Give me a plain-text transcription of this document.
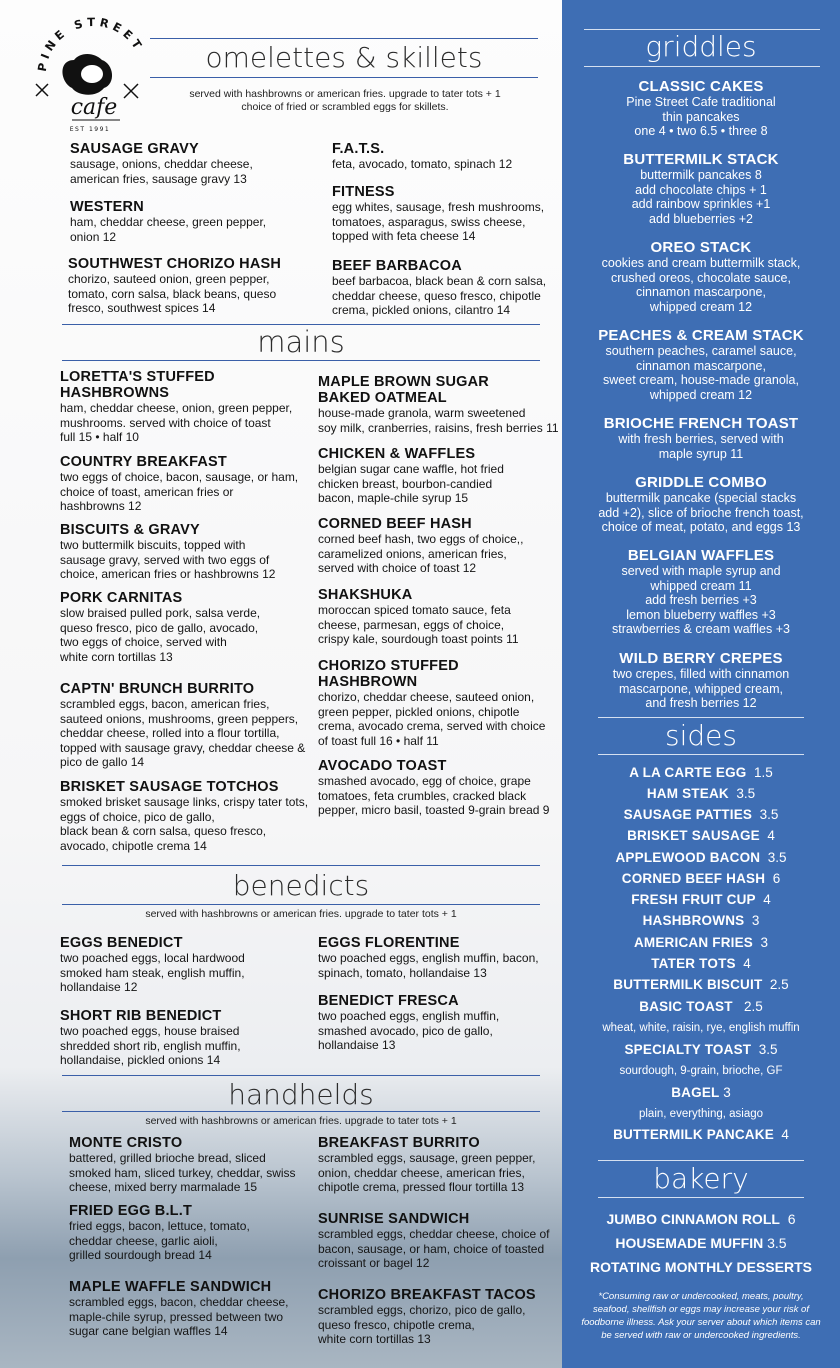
PINE STREET
cafe
EST 1991
omelettes & skillets
served with hashbrowns or american fries. upgrade to tater tots + 1
choice of fried or scrambled eggs for skillets.
SAUSAGE GRAVY
sausage, onions, cheddar cheese,
american fries, sausage gravy 13
WESTERN
ham, cheddar cheese, green pepper,
onion 12
SOUTHWEST CHORIZO HASH
chorizo, sauteed onion, green pepper,
tomato, corn salsa, black beans, queso
fresco, southwest spices 14
F.A.T.S.
feta, avocado, tomato, spinach 12
FITNESS
egg whites, sausage, fresh mushrooms,
tomatoes, asparagus, swiss cheese,
topped with feta cheese 14
BEEF BARBACOA
beef barbacoa, black bean & corn salsa,
cheddar cheese, queso fresco, chipotle
crema, pickled onions, cilantro 14
mains
LORETTA'S STUFFED
HASHBROWNS
ham, cheddar cheese, onion, green pepper,
mushrooms. served with choice of toast
full 15 • half 10
COUNTRY BREAKFAST
two eggs of choice, bacon, sausage, or ham,
choice of toast, american fries or
hashbrowns 12
BISCUITS & GRAVY
two buttermilk biscuits, topped with
sausage gravy, served with two eggs of
choice, american fries or hashbrowns 12
PORK CARNITAS
slow braised pulled pork, salsa verde,
queso fresco, pico de gallo, avocado,
two eggs of choice, served with
white corn tortillas 13
CAPTN' BRUNCH BURRITO
scrambled eggs, bacon, american fries,
sauteed onions, mushrooms, green peppers,
cheddar cheese, rolled into a flour tortilla,
topped with sausage gravy, cheddar cheese &
pico de gallo 14
BRISKET SAUSAGE TOTCHOS
smoked brisket sausage links, crispy tater tots,
eggs of choice, pico de gallo,
black bean & corn salsa, queso fresco,
avocado, chipotle crema 14
MAPLE BROWN SUGAR
BAKED OATMEAL
house-made granola, warm sweetened
soy milk, cranberries, raisins, fresh berries 11
CHICKEN & WAFFLES
belgian sugar cane waffle, hot fried
chicken breast, bourbon-candied
bacon, maple-chile syrup 15
CORNED BEEF HASH
corned beef hash, two eggs of choice,,
caramelized onions, american fries,
served with choice of toast 12
SHAKSHUKA
moroccan spiced tomato sauce, feta
cheese, parmesan, eggs of choice,
crispy kale, sourdough toast points 11
CHORIZO STUFFED
HASHBROWN
chorizo, cheddar cheese, sauteed onion,
green pepper, pickled onions, chipotle
crema, avocado crema, served with choice
of toast full 16 • half 11
AVOCADO TOAST
smashed avocado, egg of choice, grape
tomatoes, feta crumbles, cracked black
pepper, micro basil, toasted 9-grain bread 9
benedicts
served with hashbrowns or american fries. upgrade to tater tots + 1
EGGS BENEDICT
two poached eggs, local hardwood
smoked ham steak, english muffin,
hollandaise 12
SHORT RIB BENEDICT
two poached eggs, house braised
shredded short rib, english muffin,
hollandaise, pickled onions 14
EGGS FLORENTINE
two poached eggs, english muffin, bacon,
spinach, tomato, hollandaise 13
BENEDICT FRESCA
two poached eggs, english muffin,
smashed avocado, pico de gallo,
hollandaise 13
handhelds
served with hashbrowns or american fries. upgrade to tater tots + 1
MONTE CRISTO
battered, grilled brioche bread, sliced
smoked ham, sliced turkey, cheddar, swiss
cheese, mixed berry marmalade 15
FRIED EGG B.L.T
fried eggs, bacon, lettuce, tomato,
cheddar cheese, garlic aioli,
grilled sourdough bread 14
MAPLE WAFFLE SANDWICH
scrambled eggs, bacon, cheddar cheese,
maple-chile syrup, pressed between two
sugar cane belgian waffles 14
BREAKFAST BURRITO
scrambled eggs, sausage, green pepper,
onion, cheddar cheese, american fries,
chipotle crema, pressed flour tortilla 13
SUNRISE SANDWICH
scrambled eggs, cheddar cheese, choice of
bacon, sausage, or ham, choice of toasted
croissant or bagel 12
CHORIZO BREAKFAST TACOS
scrambled eggs, chorizo, pico de gallo,
queso fresco, chipotle crema,
white corn tortillas 13
griddles
CLASSIC CAKES
Pine Street Cafe traditional
thin pancakes
one 4 • two 6.5 • three 8
BUTTERMILK STACK
buttermilk pancakes 8
add chocolate chips + 1
add rainbow sprinkles +1
add blueberries +2
OREO STACK
cookies and cream buttermilk stack,
crushed oreos, chocolate sauce,
cinnamon mascarpone,
whipped cream 12
PEACHES & CREAM STACK
southern peaches, caramel sauce,
cinnamon mascarpone,
sweet cream, house-made granola,
whipped cream 12
BRIOCHE FRENCH TOAST
with fresh berries, served with
maple syrup 11
GRIDDLE COMBO
buttermilk pancake (special stacks
add +2), slice of brioche french toast,
choice of meat, potato, and eggs 13
BELGIAN WAFFLES
served with maple syrup and
whipped cream 11
add fresh berries +3
lemon blueberry waffles +3
strawberries & cream waffles +3
WILD BERRY CREPES
two crepes, filled with cinnamon
mascarpone, whipped cream,
and fresh berries 12
sides
A LA CARTE EGG 1.5
HAM STEAK 3.5
SAUSAGE PATTIES 3.5
BRISKET SAUSAGE 4
APPLEWOOD BACON 3.5
CORNED BEEF HASH 6
FRESH FRUIT CUP 4
HASHBROWNS 3
AMERICAN FRIES 3
TATER TOTS 4
BUTTERMILK BISCUIT 2.5
BASIC TOAST 2.5
wheat, white, raisin, rye, english muffin
SPECIALTY TOAST 3.5
sourdough, 9-grain, brioche, GF
BAGEL 3
plain, everything, asiago
BUTTERMILK PANCAKE 4
bakery
JUMBO CINNAMON ROLL 6
HOUSEMADE MUFFIN 3.5
ROTATING MONTHLY DESSERTS
*Consuming raw or undercooked, meats, poultry,
seafood, shellfish or eggs may increase your risk of
foodborne illness. Ask your server about which items can
be served with raw or undercooked ingredients.
